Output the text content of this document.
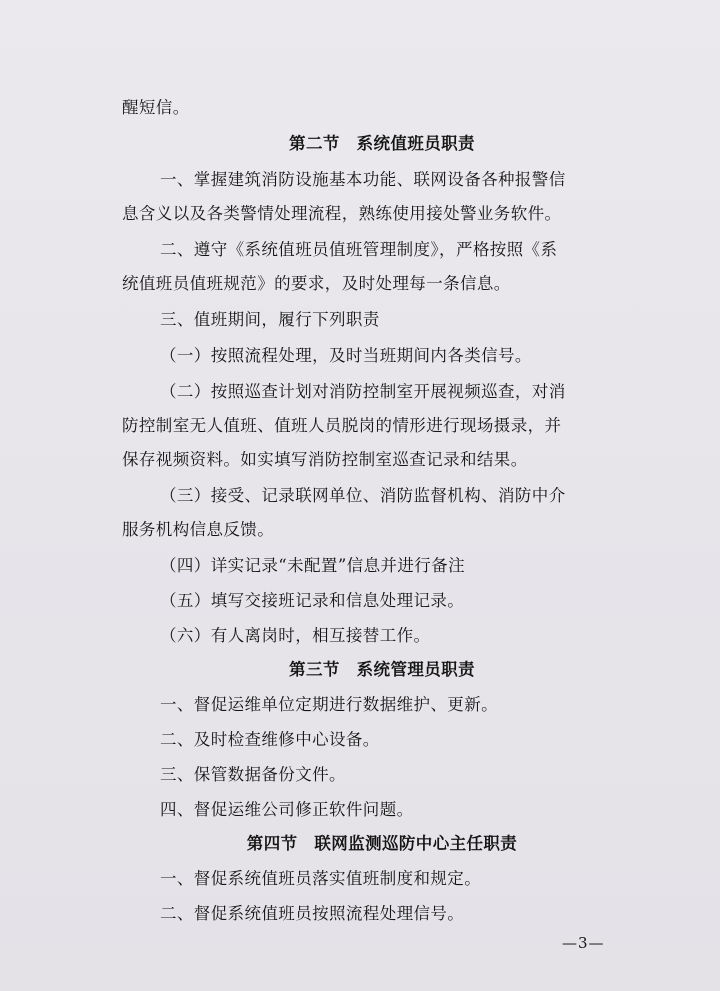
醒短信。
第二节　系统值班员职责
一、掌握建筑消防设施基本功能、联网设备各种报警信
息含义以及各类警情处理流程，熟练使用接处警业务软件。
二、遵守《系统值班员值班管理制度》，严格按照《系
统值班员值班规范》的要求，及时处理每一条信息。
三、值班期间，履行下列职责
（一）按照流程处理，及时当班期间内各类信号。
（二）按照巡查计划对消防控制室开展视频巡查，对消
防控制室无人值班、值班人员脱岗的情形进行现场摄录，并
保存视频资料。如实填写消防控制室巡查记录和结果。
（三）接受、记录联网单位、消防监督机构、消防中介
服务机构信息反馈。
（四）详实记录“未配置”信息并进行备注
（五）填写交接班记录和信息处理记录。
（六）有人离岗时，相互接替工作。
第三节　系统管理员职责
一、督促运维单位定期进行数据维护、更新。
二、及时检查维修中心设备。
三、保管数据备份文件。
四、督促运维公司修正软件问题。
第四节　联网监测巡防中心主任职责
一、督促系统值班员落实值班制度和规定。
二、督促系统值班员按照流程处理信号。
—3—
